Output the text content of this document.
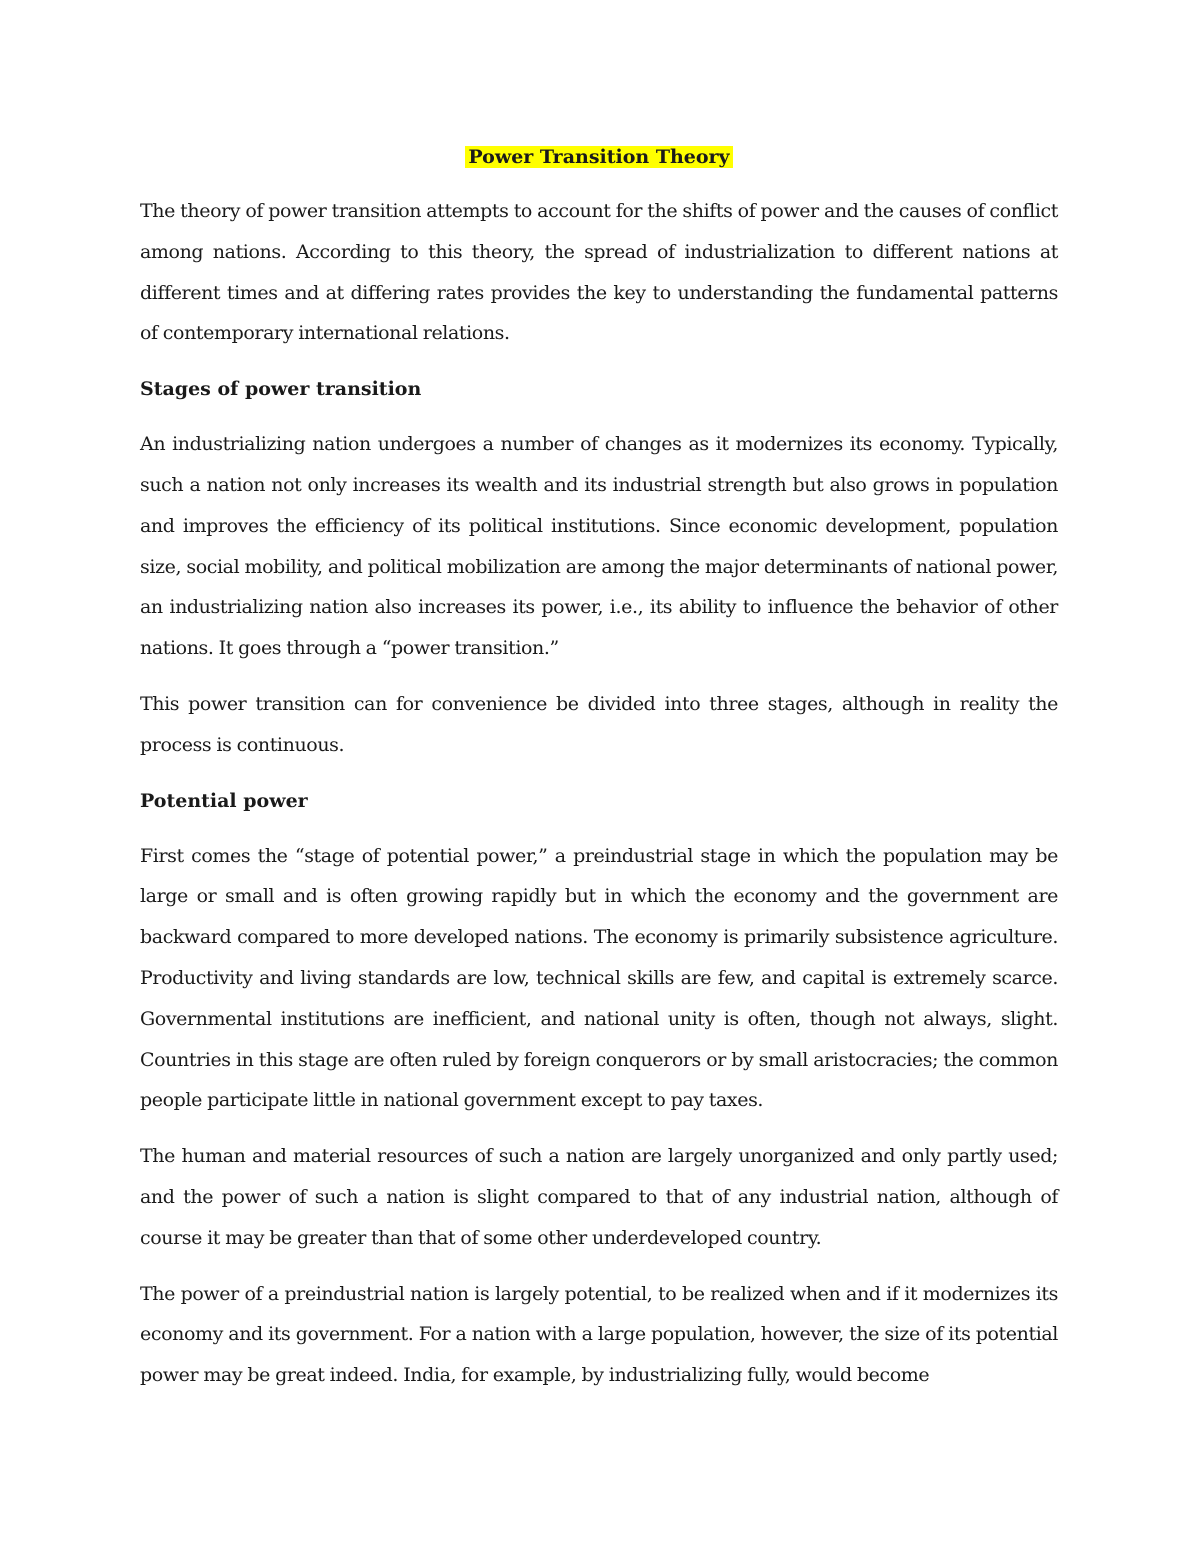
Power Transition Theory

The theory of power transition attempts to account for the shifts of power and the causes of conflict among nations. According to this theory, the spread of industrialization to different nations at different times and at differing rates provides the key to understanding the fundamental patterns of contemporary international relations.

Stages of power transition

An industrializing nation undergoes a number of changes as it modernizes its economy. Typically, such a nation not only increases its wealth and its industrial strength but also grows in population and improves the efficiency of its political institutions. Since economic development, population size, social mobility, and political mobilization are among the major determinants of national power, an industrializing nation also increases its power, i.e., its ability to influence the behavior of other nations. It goes through a “power transition.”

This power transition can for convenience be divided into three stages, although in reality the process is continuous.

Potential power

First comes the “stage of potential power,” a preindustrial stage in which the population may be large or small and is often growing rapidly but in which the economy and the government are backward compared to more developed nations. The economy is primarily subsistence agriculture. Productivity and living standards are low, technical skills are few, and capital is extremely scarce. Governmental institutions are inefficient, and national unity is often, though not always, slight. Countries in this stage are often ruled by foreign conquerors or by small aristocracies; the common people participate little in national government except to pay taxes.

The human and material resources of such a nation are largely unorganized and only partly used; and the power of such a nation is slight compared to that of any industrial nation, although of course it may be greater than that of some other underdeveloped country.

The power of a preindustrial nation is largely potential, to be realized when and if it modernizes its economy and its government. For a nation with a large population, however, the size of its potential power may be great indeed. India, for example, by industrializing fully, would become
